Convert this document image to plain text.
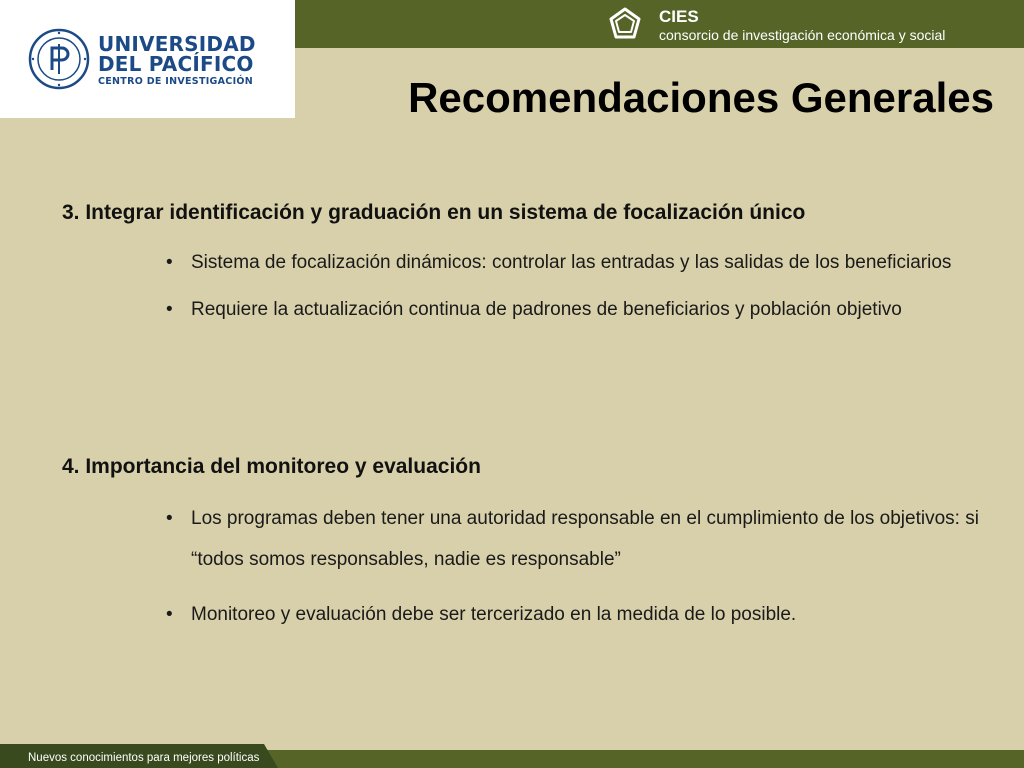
UNIVERSIDAD
DEL PACÍFICO
CENTRO DE INVESTIGACIÓN
CIES
consorcio de investigación económica y social
Recomendaciones Generales
3. Integrar identificación y graduación en un sistema de focalización único
• Sistema de focalización dinámicos: controlar las entradas y las salidas de los beneficiarios
• Requiere la actualización continua de padrones de beneficiarios y población objetivo
4. Importancia del monitoreo y evaluación
• Los programas deben tener una autoridad responsable en el cumplimiento de los objetivos: si “todos somos responsables, nadie es responsable”
• Monitoreo y evaluación debe ser tercerizado en la medida de lo posible.
Nuevos conocimientos para mejores políticas
